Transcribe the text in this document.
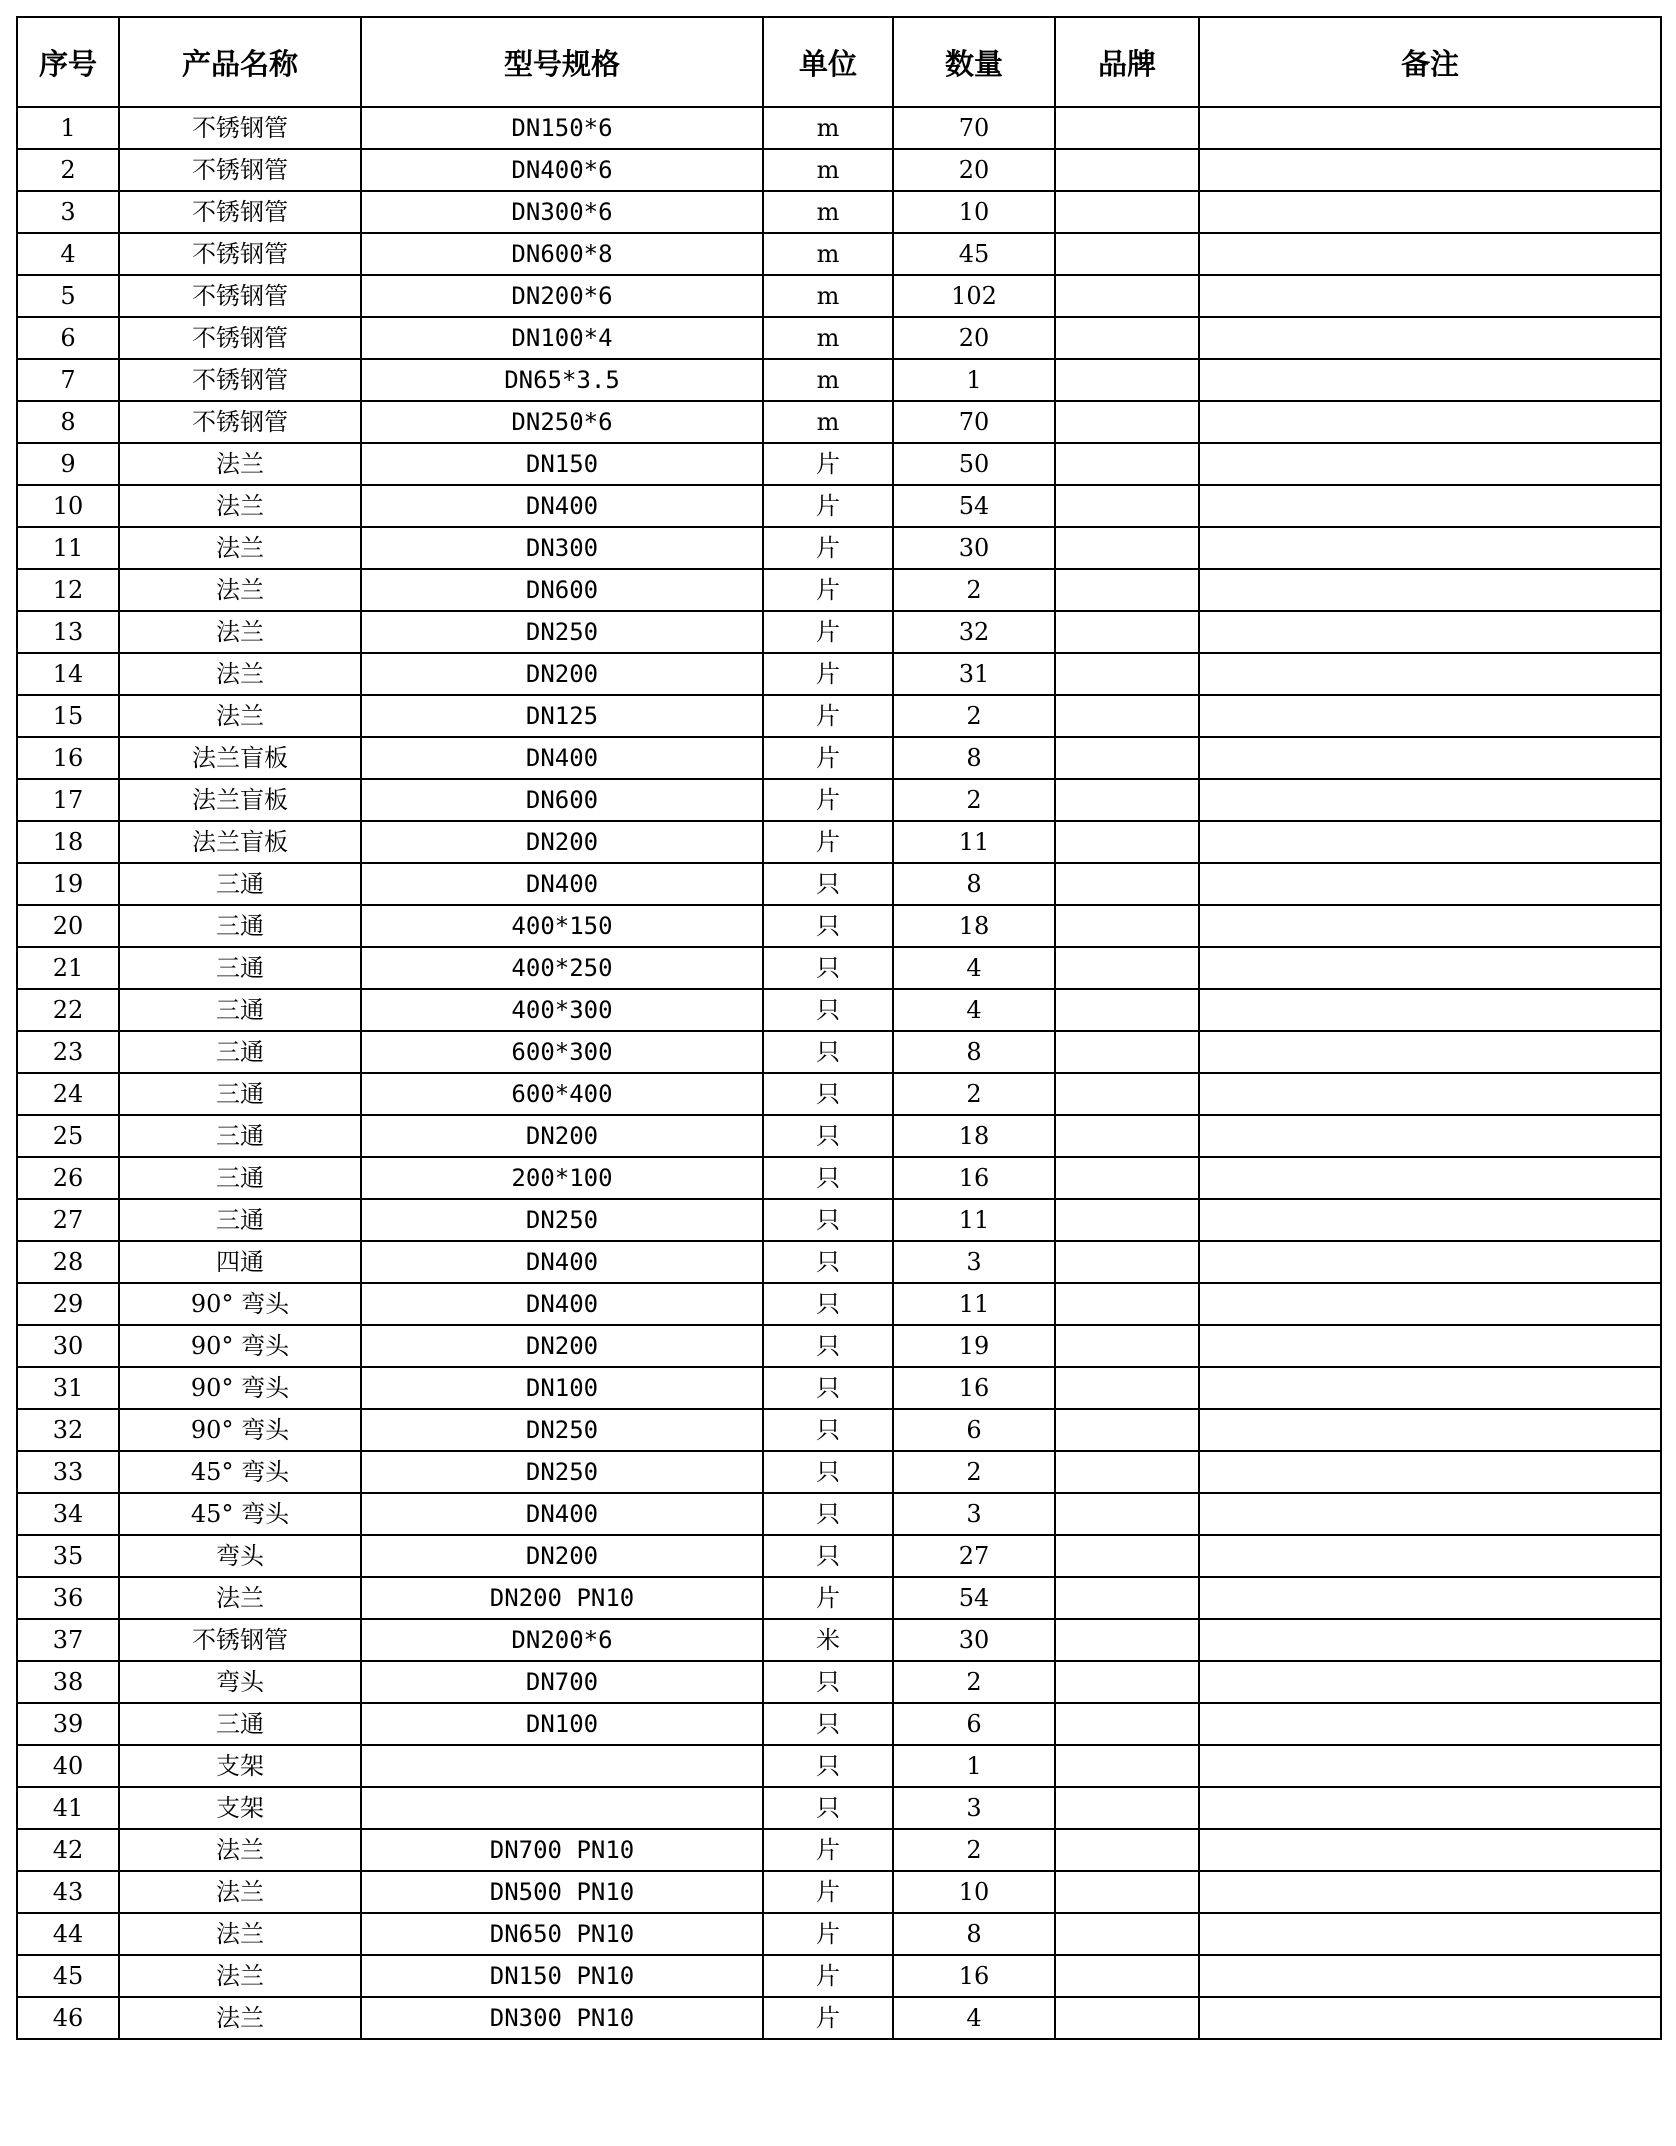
序号	产品名称	型号规格	单位	数量	品牌	备注
1	不锈钢管	DN150*6	m	70		
2	不锈钢管	DN400*6	m	20		
3	不锈钢管	DN300*6	m	10		
4	不锈钢管	DN600*8	m	45		
5	不锈钢管	DN200*6	m	102		
6	不锈钢管	DN100*4	m	20		
7	不锈钢管	DN65*3.5	m	1		
8	不锈钢管	DN250*6	m	70		
9	法兰	DN150	片	50		
10	法兰	DN400	片	54		
11	法兰	DN300	片	30		
12	法兰	DN600	片	2		
13	法兰	DN250	片	32		
14	法兰	DN200	片	31		
15	法兰	DN125	片	2		
16	法兰盲板	DN400	片	8		
17	法兰盲板	DN600	片	2		
18	法兰盲板	DN200	片	11		
19	三通	DN400	只	8		
20	三通	400*150	只	18		
21	三通	400*250	只	4		
22	三通	400*300	只	4		
23	三通	600*300	只	8		
24	三通	600*400	只	2		
25	三通	DN200	只	18		
26	三通	200*100	只	16		
27	三通	DN250	只	11		
28	四通	DN400	只	3		
29	90° 弯头	DN400	只	11		
30	90° 弯头	DN200	只	19		
31	90° 弯头	DN100	只	16		
32	90° 弯头	DN250	只	6		
33	45° 弯头	DN250	只	2		
34	45° 弯头	DN400	只	3		
35	弯头	DN200	只	27		
36	法兰	DN200 PN10	片	54		
37	不锈钢管	DN200*6	米	30		
38	弯头	DN700	只	2		
39	三通	DN100	只	6		
40	支架		只	1		
41	支架		只	3		
42	法兰	DN700 PN10	片	2		
43	法兰	DN500 PN10	片	10		
44	法兰	DN650 PN10	片	8		
45	法兰	DN150 PN10	片	16		
46	法兰	DN300 PN10	片	4		
